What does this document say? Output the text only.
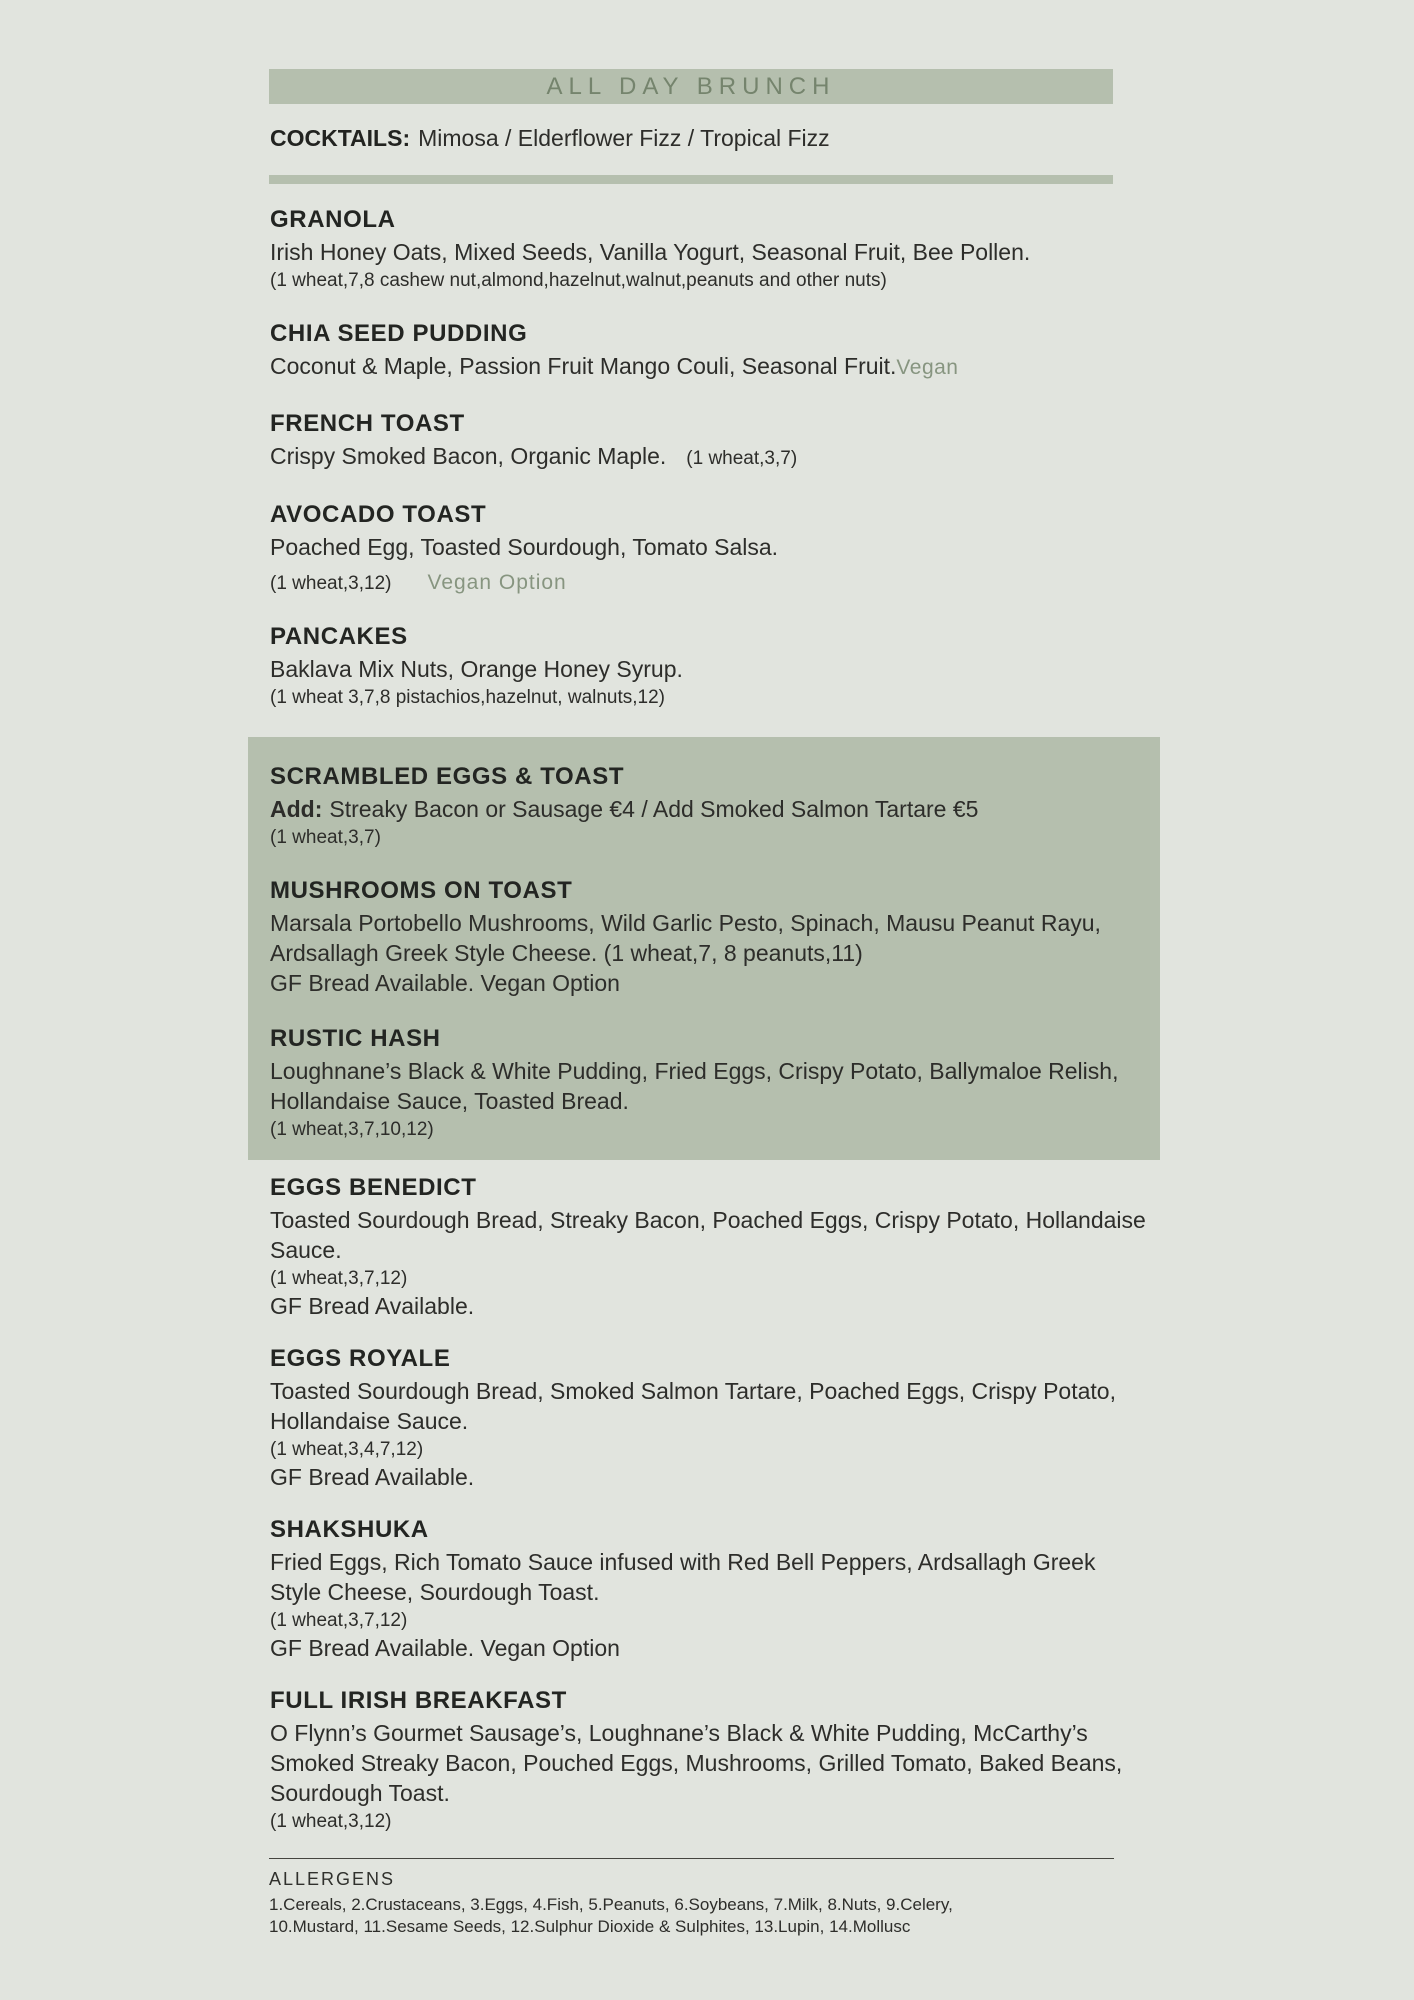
ALL DAY BRUNCH
COCKTAILS: Mimosa / Elderflower Fizz / Tropical Fizz
GRANOLA
Irish Honey Oats, Mixed Seeds, Vanilla Yogurt, Seasonal Fruit, Bee Pollen.
(1 wheat,7,8 cashew nut,almond,hazelnut,walnut,peanuts and other nuts)
CHIA SEED PUDDING
Coconut & Maple, Passion Fruit Mango Couli, Seasonal Fruit.Vegan
FRENCH TOAST
Crispy Smoked Bacon, Organic Maple. (1 wheat,3,7)
AVOCADO TOAST
Poached Egg, Toasted Sourdough, Tomato Salsa.
(1 wheat,3,12) Vegan Option
PANCAKES
Baklava Mix Nuts, Orange Honey Syrup.
(1 wheat 3,7,8 pistachios,hazelnut, walnuts,12)
SCRAMBLED EGGS & TOAST
Add: Streaky Bacon or Sausage €4 / Add Smoked Salmon Tartare €5
(1 wheat,3,7)
MUSHROOMS ON TOAST
Marsala Portobello Mushrooms, Wild Garlic Pesto, Spinach, Mausu Peanut Rayu, Ardsallagh Greek Style Cheese. (1 wheat,7, 8 peanuts,11)
GF Bread Available. Vegan Option
RUSTIC HASH
Loughnane’s Black & White Pudding, Fried Eggs, Crispy Potato, Ballymaloe Relish, Hollandaise Sauce, Toasted Bread.
(1 wheat,3,7,10,12)
EGGS BENEDICT
Toasted Sourdough Bread, Streaky Bacon, Poached Eggs, Crispy Potato, Hollandaise Sauce.
(1 wheat,3,7,12)
GF Bread Available.
EGGS ROYALE
Toasted Sourdough Bread, Smoked Salmon Tartare, Poached Eggs, Crispy Potato, Hollandaise Sauce.
(1 wheat,3,4,7,12)
GF Bread Available.
SHAKSHUKA
Fried Eggs, Rich Tomato Sauce infused with Red Bell Peppers, Ardsallagh Greek Style Cheese, Sourdough Toast.
(1 wheat,3,7,12)
GF Bread Available. Vegan Option
FULL IRISH BREAKFAST
O Flynn’s Gourmet Sausage’s, Loughnane’s Black & White Pudding, McCarthy’s Smoked Streaky Bacon, Pouched Eggs, Mushrooms, Grilled Tomato, Baked Beans, Sourdough Toast.
(1 wheat,3,12)
ALLERGENS
1.Cereals, 2.Crustaceans, 3.Eggs, 4.Fish, 5.Peanuts, 6.Soybeans, 7.Milk, 8.Nuts, 9.Celery,
10.Mustard, 11.Sesame Seeds, 12.Sulphur Dioxide & Sulphites, 13.Lupin, 14.Mollusc
